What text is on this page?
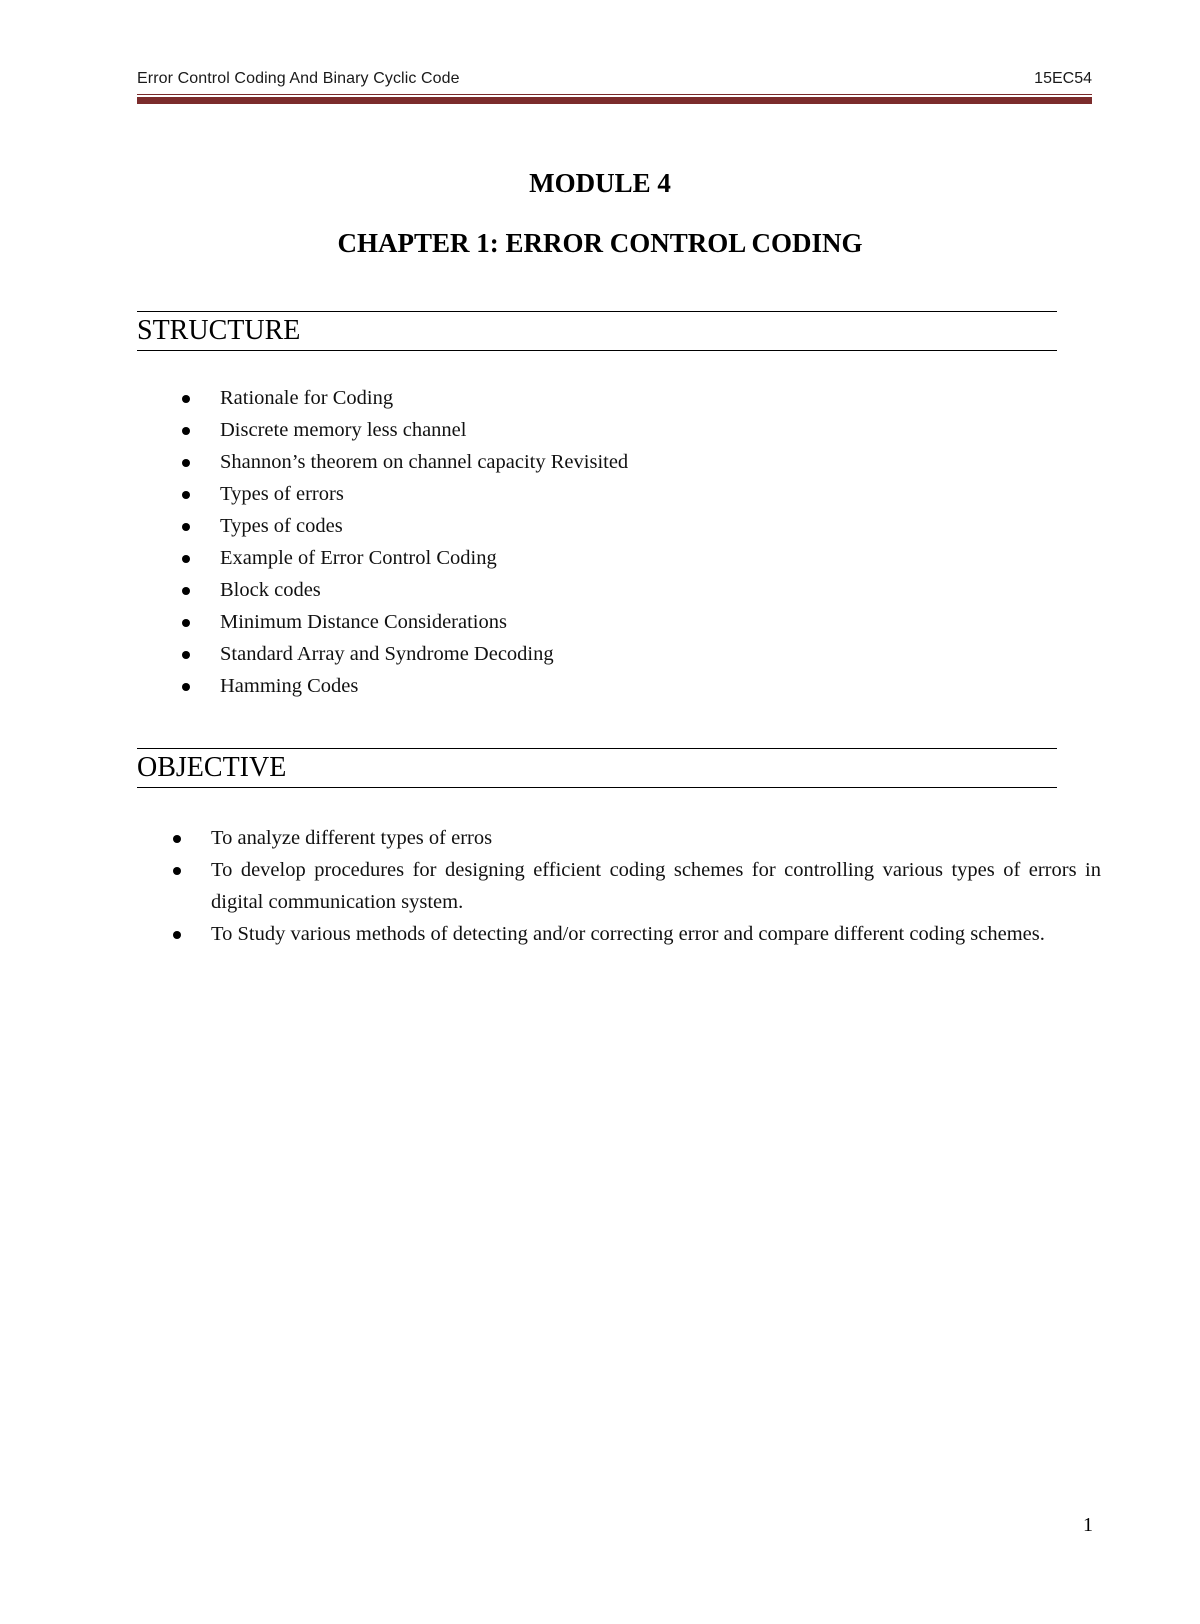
Error Control Coding And Binary Cyclic Code	15EC54
MODULE 4
CHAPTER 1: ERROR CONTROL CODING
STRUCTURE
Rationale for Coding
Discrete memory less channel
Shannon’s theorem on channel capacity Revisited
Types of errors
Types of codes
Example of Error Control Coding
Block codes
Minimum Distance Considerations
Standard Array and Syndrome Decoding
Hamming Codes
OBJECTIVE
To analyze different types of erros
To develop procedures for designing efficient coding schemes for controlling various types of errors in digital communication system.
To Study various methods of detecting and/or correcting error and compare different coding schemes.
1
